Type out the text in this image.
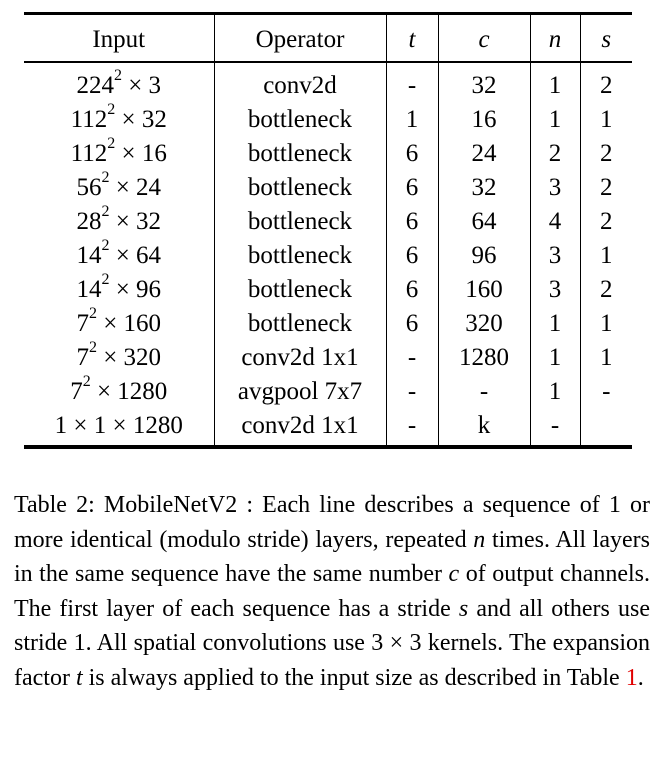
Input	Operator	t	c	n	s
$224^2 \times 3$	conv2d	-	32	1	2
$112^2 \times 32$	bottleneck	1	16	1	1
$112^2 \times 16$	bottleneck	6	24	2	2
$56^2 \times 24$	bottleneck	6	32	3	2
$28^2 \times 32$	bottleneck	6	64	4	2
$14^2 \times 64$	bottleneck	6	96	3	1
$14^2 \times 96$	bottleneck	6	160	3	2
$7^2 \times 160$	bottleneck	6	320	1	1
$7^2 \times 320$	conv2d 1x1	-	1280	1	1
$7^2 \times 1280$	avgpool 7x7	-	-	1	-
1 × 1 × 1280	conv2d 1x1	-	k	-	
Table 2: MobileNetV2 : Each line describes a sequence of 1 or more identical (modulo stride) layers, repeated n times. All layers in the same sequence have the same number c of output channels. The first layer of each sequence has a stride s and all others use stride 1. All spatial convolutions use 3 × 3 kernels. The expansion factor t is always applied to the input size as described in Table 1.
